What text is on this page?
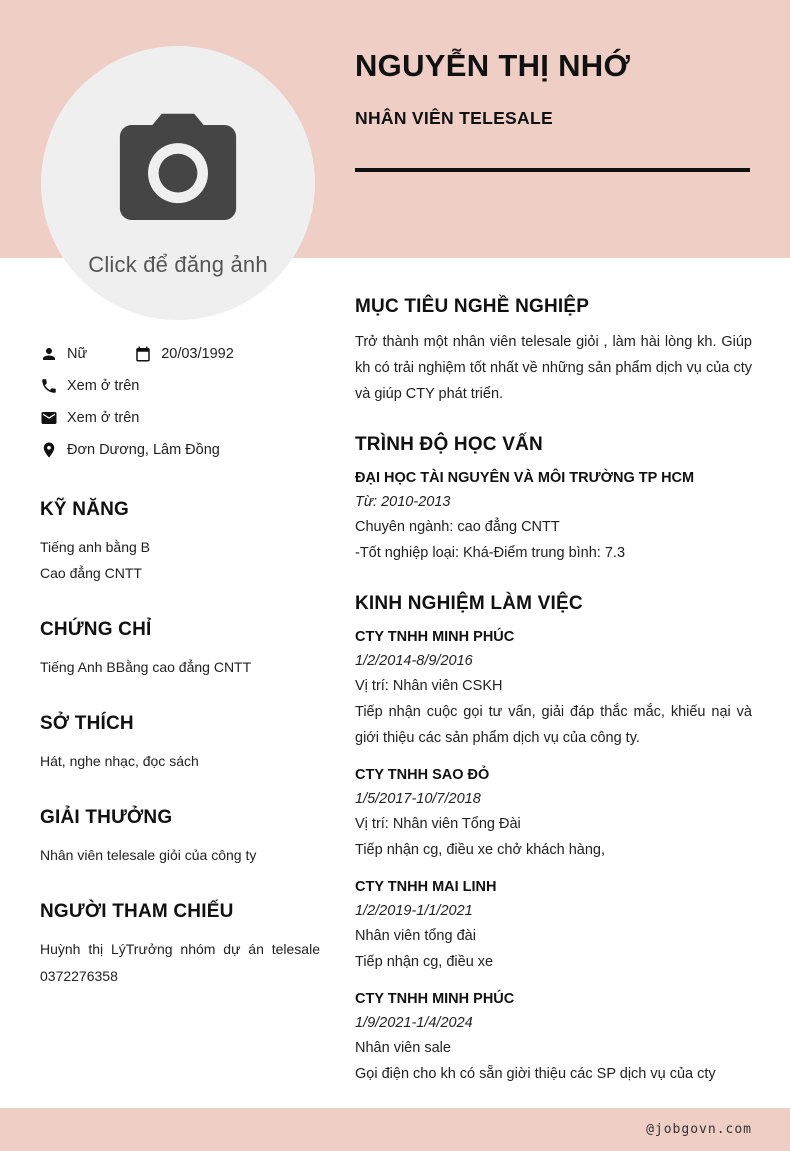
Click để đăng ảnh
NGUYỄN THỊ NHỚ
NHÂN VIÊN TELESALE
Nữ	20/03/1992
Xem ở trên
Xem ở trên
Đơn Dương, Lâm Đồng
KỸ NĂNG
Tiếng anh bằng B
Cao đẳng CNTT
CHỨNG CHỈ
Tiếng Anh BBằng cao đẳng CNTT
SỞ THÍCH
Hát, nghe nhạc, đọc sách
GIẢI THƯỞNG
Nhân viên telesale giỏi của công ty
NGƯỜI THAM CHIẾU
Huỳnh thị LýTrưởng nhóm dự án telesale 0372276358
MỤC TIÊU NGHỀ NGHIỆP
Trở thành một nhân viên telesale giỏi , làm hài lòng kh. Giúp kh có trải nghiệm tốt nhất về những sản phẩm dịch vụ của cty và giúp CTY phát triển.
TRÌNH ĐỘ HỌC VẤN
ĐẠI HỌC TÀI NGUYÊN VÀ MÔI TRƯỜNG TP HCM
Từ: 2010-2013
Chuyên ngành: cao đẳng CNTT
-Tốt nghiệp loại: Khá-Điểm trung bình: 7.3
KINH NGHIỆM LÀM VIỆC
CTY TNHH MINH PHÚC
1/2/2014-8/9/2016
Vị trí: Nhân viên CSKH
Tiếp nhận cuộc gọi tư vấn, giải đáp thắc mắc, khiếu nại và giới thiệu các sản phẩm dịch vụ của công ty.
CTY TNHH SAO ĐỎ
1/5/2017-10/7/2018
Vị trí: Nhân viên Tổng Đài
Tiếp nhận cg, điều xe chở khách hàng,
CTY TNHH MAI LINH
1/2/2019-1/1/2021
Nhân viên tổng đài
Tiếp nhận cg, điều xe
CTY TNHH MINH PHÚC
1/9/2021-1/4/2024
Nhân viên sale
Gọi điện cho kh có sẵn giời thiệu các SP dịch vụ của cty
@jobgovn.com
